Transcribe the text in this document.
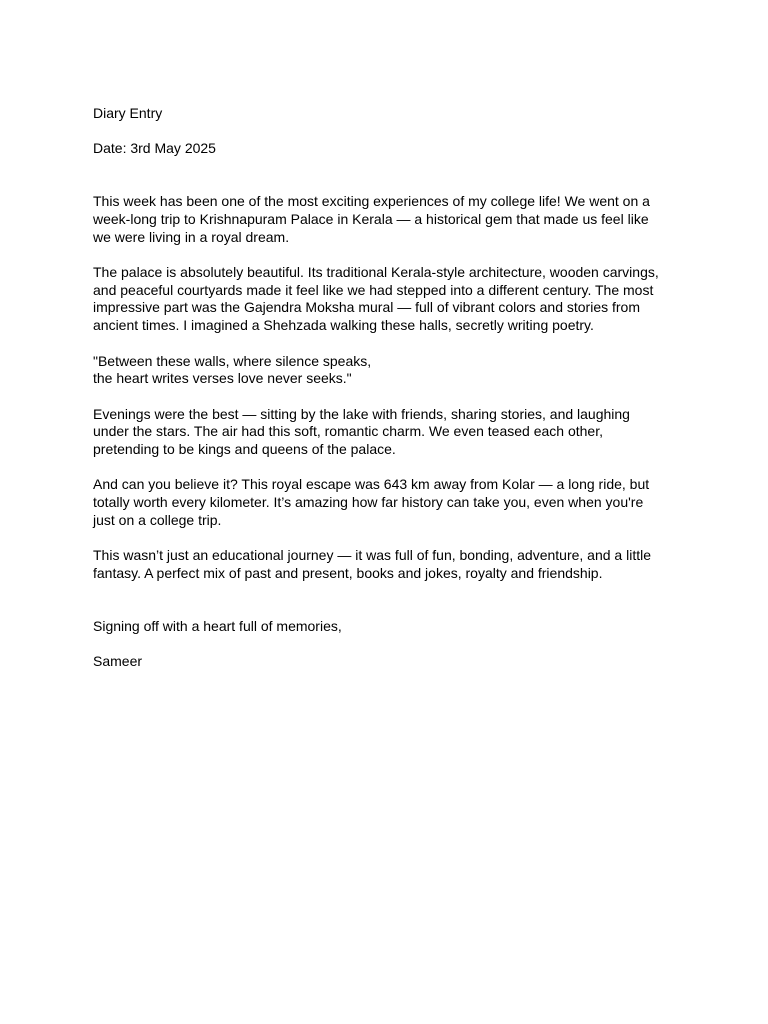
Diary Entry

Date: 3rd May 2025

This week has been one of the most exciting experiences of my college life! We went on a
week-long trip to Krishnapuram Palace in Kerala — a historical gem that made us feel like
we were living in a royal dream.

The palace is absolutely beautiful. Its traditional Kerala-style architecture, wooden carvings,
and peaceful courtyards made it feel like we had stepped into a different century. The most
impressive part was the Gajendra Moksha mural — full of vibrant colors and stories from
ancient times. I imagined a Shehzada walking these halls, secretly writing poetry.

"Between these walls, where silence speaks,
the heart writes verses love never seeks."

Evenings were the best — sitting by the lake with friends, sharing stories, and laughing
under the stars. The air had this soft, romantic charm. We even teased each other,
pretending to be kings and queens of the palace.

And can you believe it? This royal escape was 643 km away from Kolar — a long ride, but
totally worth every kilometer. It’s amazing how far history can take you, even when you're
just on a college trip.

This wasn’t just an educational journey — it was full of fun, bonding, adventure, and a little
fantasy. A perfect mix of past and present, books and jokes, royalty and friendship.

Signing off with a heart full of memories,

Sameer
